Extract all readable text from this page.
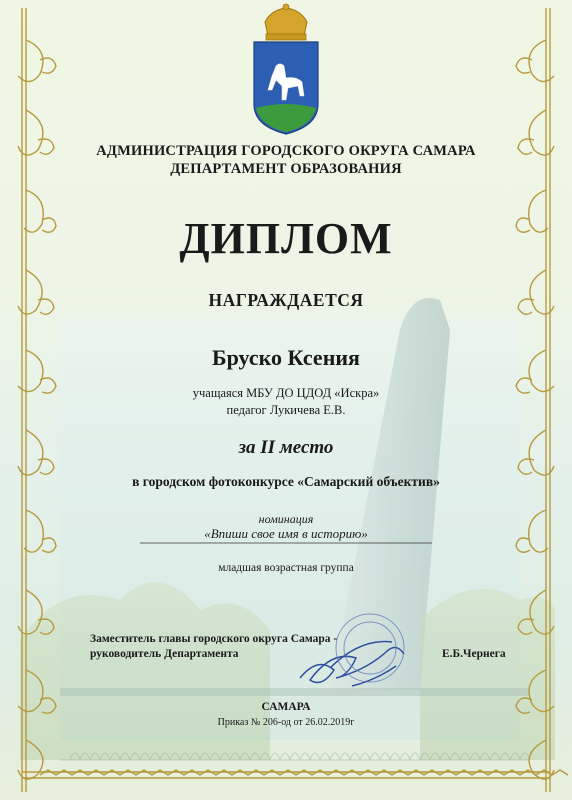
АДМИНИСТРАЦИЯ ГОРОДСКОГО ОКРУГА САМАРА
ДЕПАРТАМЕНТ ОБРАЗОВАНИЯ
ДИПЛОМ
НАГРАЖДАЕТСЯ
Бруско Ксения
учащаяся МБУ ДО ЦДОД «Искра»
педагог Лукичева Е.В.
за II место
в городском фотоконкурсе «Самарский объектив»
номинация
«Впиши свое имя в историю»
младшая возрастная группа
Заместитель главы городского округа Самара -
руководитель Департамента	Е.Б.Чернега
САМАРА
Приказ № 206-од от 26.02.2019г
